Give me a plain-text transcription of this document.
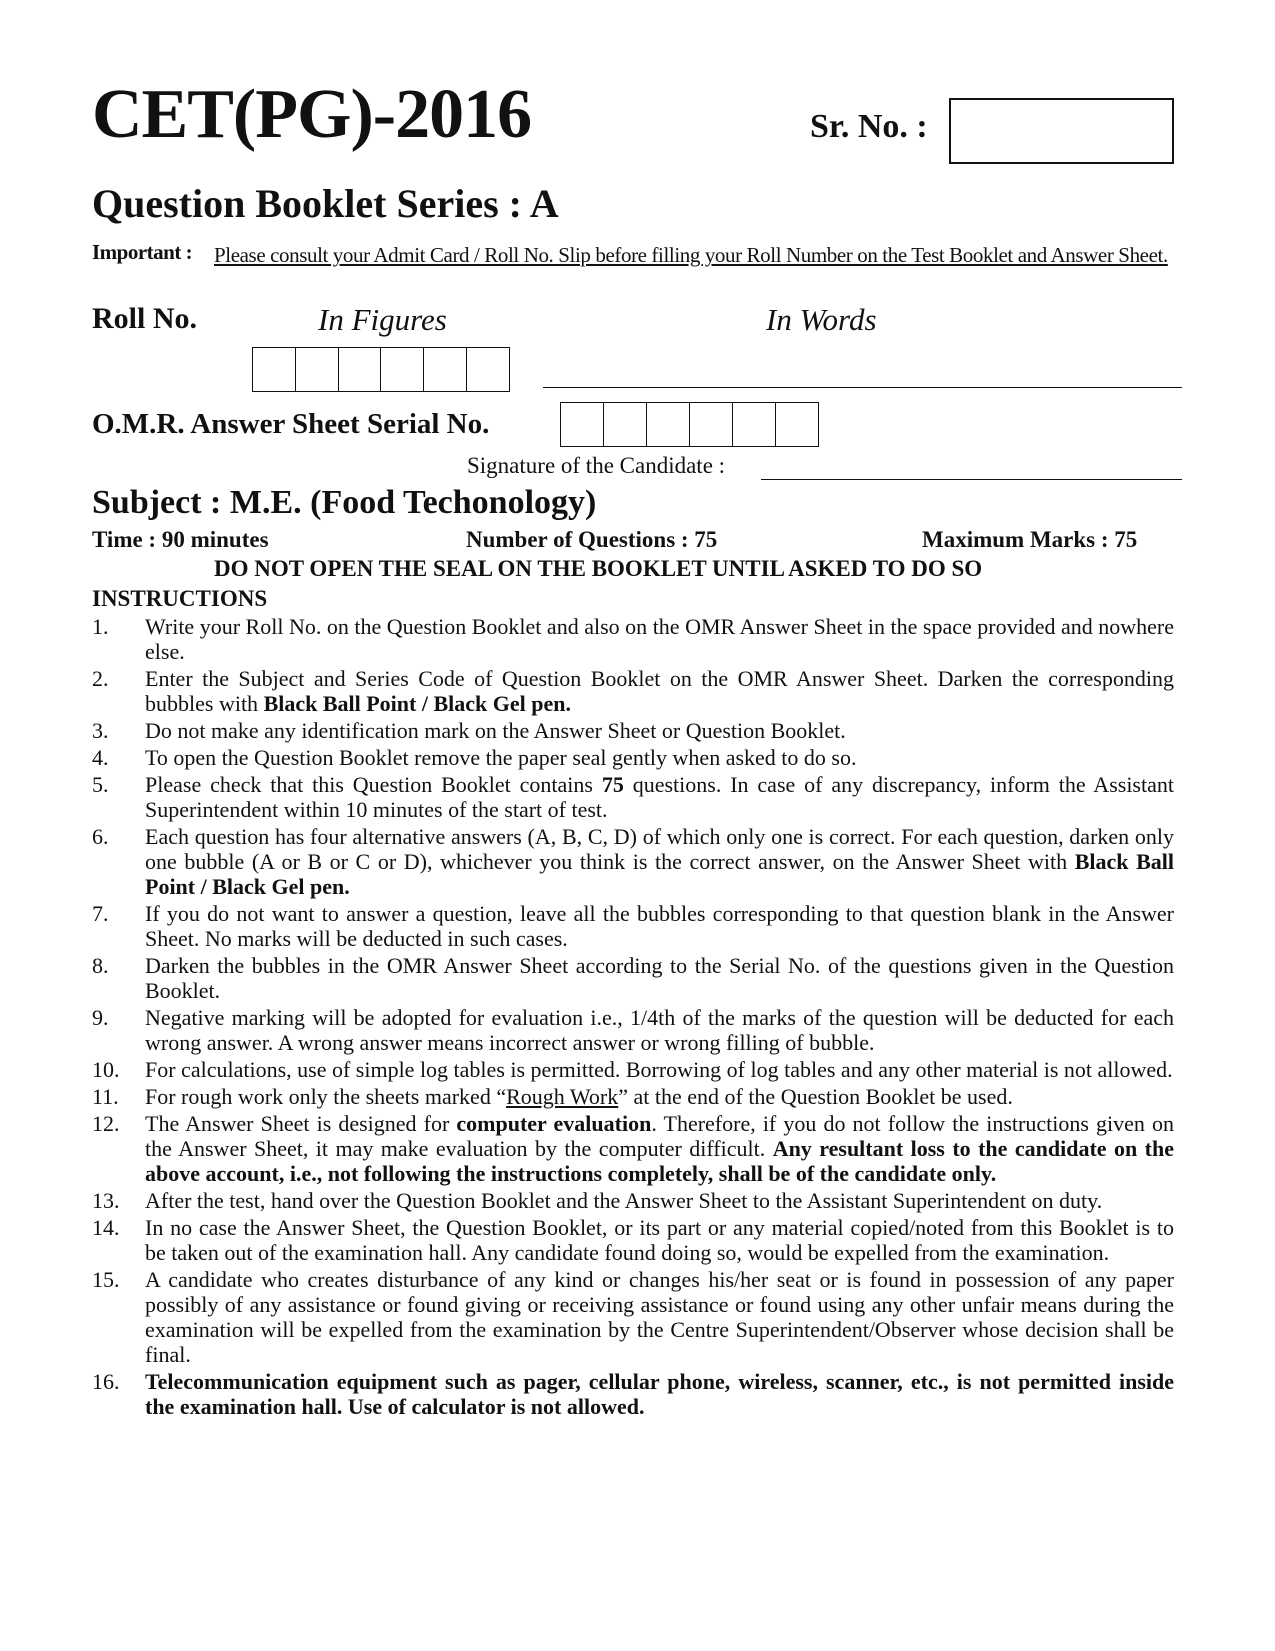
CET(PG)-2016	Sr. No. :
Question Booklet Series : A
Important : Please consult your Admit Card / Roll No. Slip before filling your Roll Number on the Test Booklet and Answer Sheet.
Roll No.	In Figures	In Words
O.M.R. Answer Sheet Serial No.
Signature of the Candidate :
Subject : M.E. (Food Techonology)
Time : 90 minutes	Number of Questions : 75	Maximum Marks : 75
DO NOT OPEN THE SEAL ON THE BOOKLET UNTIL ASKED TO DO SO
INSTRUCTIONS
1.	Write your Roll No. on the Question Booklet and also on the OMR Answer Sheet in the space provided and nowhere else.
2.	Enter the Subject and Series Code of Question Booklet on the OMR Answer Sheet. Darken the corresponding bubbles with Black Ball Point / Black Gel pen.
3.	Do not make any identification mark on the Answer Sheet or Question Booklet.
4.	To open the Question Booklet remove the paper seal gently when asked to do so.
5.	Please check that this Question Booklet contains 75 questions. In case of any discrepancy, inform the Assistant Superintendent within 10 minutes of the start of test.
6.	Each question has four alternative answers (A, B, C, D) of which only one is correct. For each question, darken only one bubble (A or B or C or D), whichever you think is the correct answer, on the Answer Sheet with Black Ball Point / Black Gel pen.
7.	If you do not want to answer a question, leave all the bubbles corresponding to that question blank in the Answer Sheet. No marks will be deducted in such cases.
8.	Darken the bubbles in the OMR Answer Sheet according to the Serial No. of the questions given in the Question Booklet.
9.	Negative marking will be adopted for evaluation i.e., 1/4th of the marks of the question will be deducted for each wrong answer. A wrong answer means incorrect answer or wrong filling of bubble.
10.	For calculations, use of simple log tables is permitted. Borrowing of log tables and any other material is not allowed.
11.	For rough work only the sheets marked “Rough Work” at the end of the Question Booklet be used.
12.	The Answer Sheet is designed for computer evaluation. Therefore, if you do not follow the instructions given on the Answer Sheet, it may make evaluation by the computer difficult. Any resultant loss to the candidate on the above account, i.e., not following the instructions completely, shall be of the candidate only.
13.	After the test, hand over the Question Booklet and the Answer Sheet to the Assistant Superintendent on duty.
14.	In no case the Answer Sheet, the Question Booklet, or its part or any material copied/noted from this Booklet is to be taken out of the examination hall. Any candidate found doing so, would be expelled from the examination.
15.	A candidate who creates disturbance of any kind or changes his/her seat or is found in possession of any paper possibly of any assistance or found giving or receiving assistance or found using any other unfair means during the examination will be expelled from the examination by the Centre Superintendent/Observer whose decision shall be final.
16.	Telecommunication equipment such as pager, cellular phone, wireless, scanner, etc., is not permitted inside the examination hall. Use of calculator is not allowed.
